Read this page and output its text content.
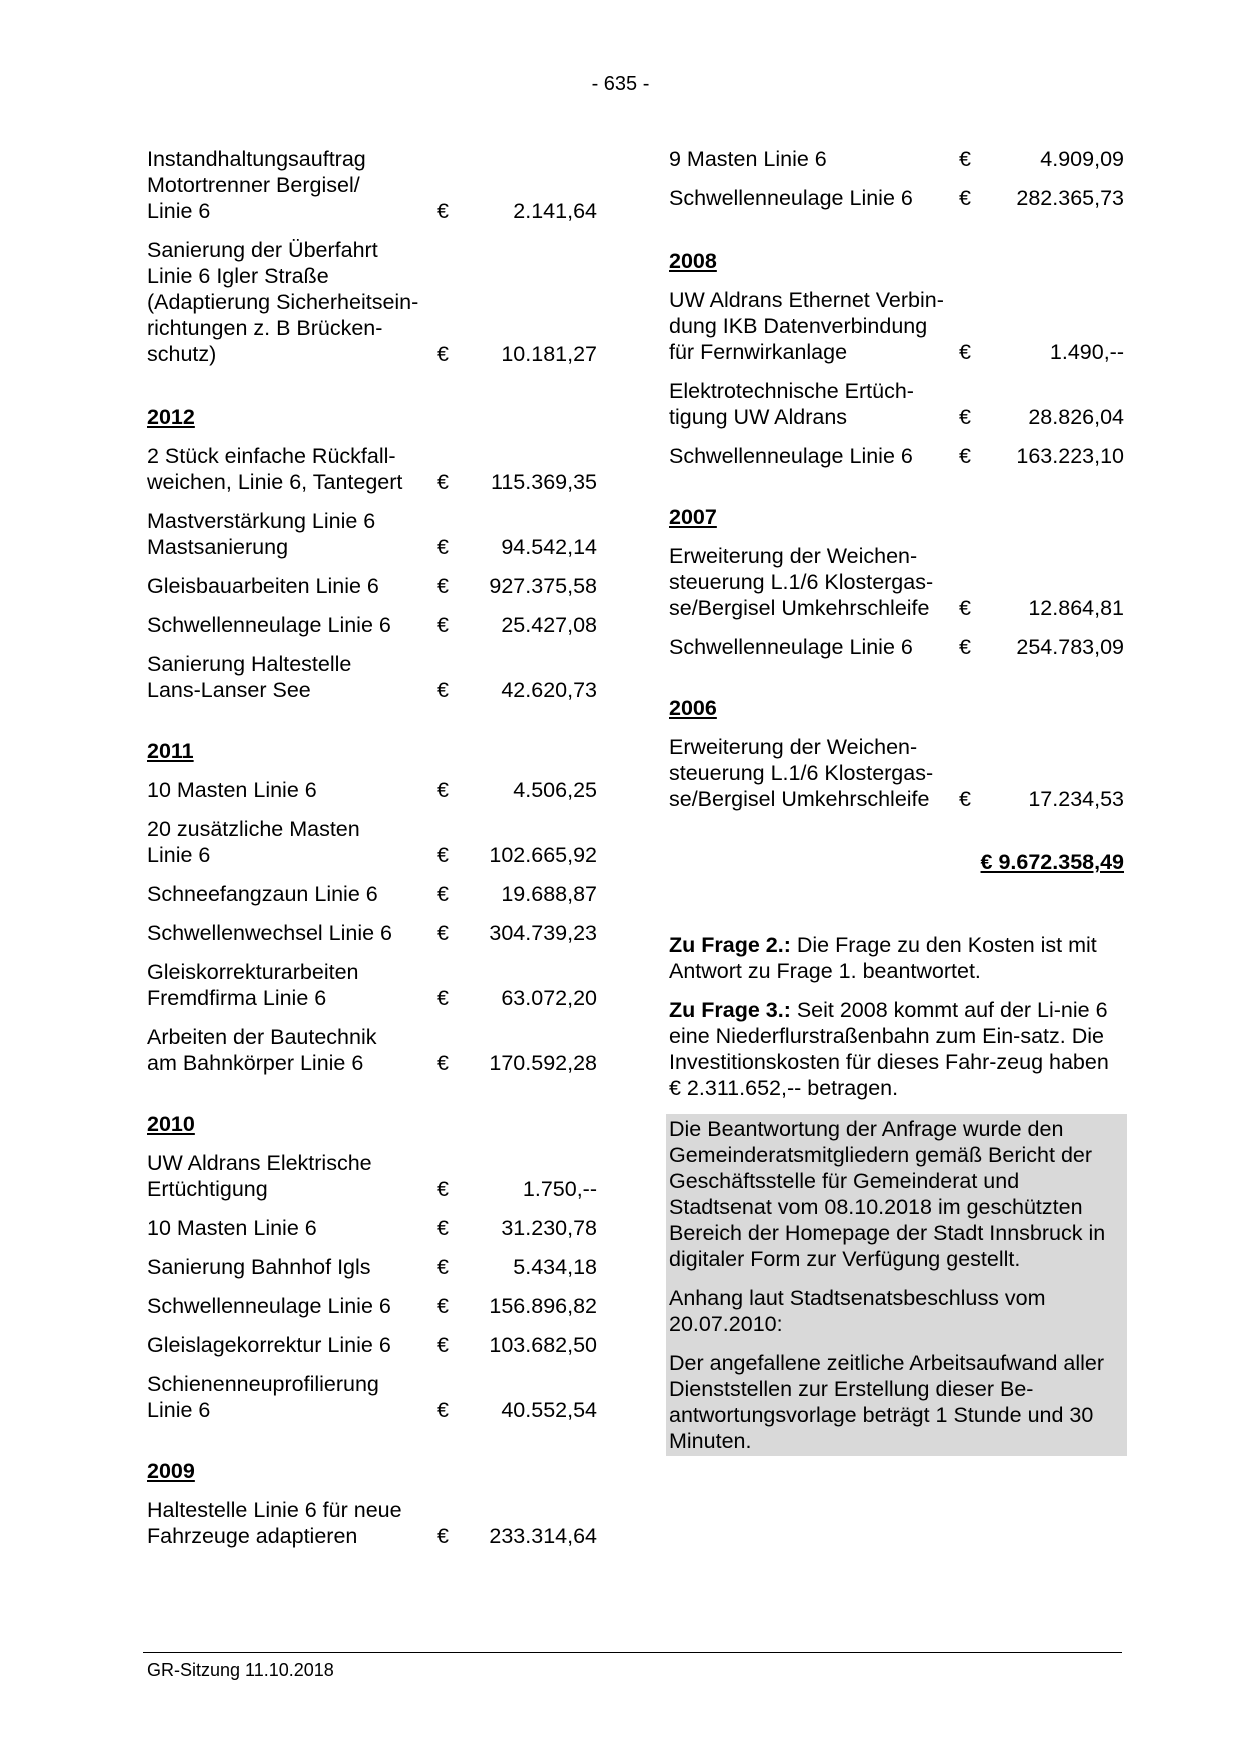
- 635 -
Instandhaltungsauftrag
Motortrenner Bergisel/
Linie 6	€	2.141,64
Sanierung der Überfahrt
Linie 6 Igler Straße
(Adaptierung Sicherheitsein-
richtungen z. B Brücken-
schutz)	€	10.181,27
2012
2 Stück einfache Rückfall-
weichen, Linie 6, Tantegert	€	115.369,35
Mastverstärkung Linie 6
Mastsanierung	€	94.542,14
Gleisbauarbeiten Linie 6	€	927.375,58
Schwellenneulage Linie 6	€	25.427,08
Sanierung Haltestelle
Lans-Lanser See	€	42.620,73
2011
10 Masten Linie 6	€	4.506,25
20 zusätzliche Masten
Linie 6	€	102.665,92
Schneefangzaun Linie 6	€	19.688,87
Schwellenwechsel Linie 6	€	304.739,23
Gleiskorrekturarbeiten
Fremdfirma Linie 6	€	63.072,20
Arbeiten der Bautechnik
am Bahnkörper Linie 6	€	170.592,28
2010
UW Aldrans Elektrische
Ertüchtigung	€	1.750,--
10 Masten Linie 6	€	31.230,78
Sanierung Bahnhof Igls	€	5.434,18
Schwellenneulage Linie 6	€	156.896,82
Gleislagekorrektur Linie 6	€	103.682,50
Schienenneuprofilierung
Linie 6	€	40.552,54
2009
Haltestelle Linie 6 für neue
Fahrzeuge adaptieren	€	233.314,64
9 Masten Linie 6	€	4.909,09
Schwellenneulage Linie 6	€	282.365,73
2008
UW Aldrans Ethernet Verbin-
dung IKB Datenverbindung
für Fernwirkanlage	€	1.490,--
Elektrotechnische Ertüch-
tigung UW Aldrans	€	28.826,04
Schwellenneulage Linie 6	€	163.223,10
2007
Erweiterung der Weichen-
steuerung L.1/6 Klostergas-
se/Bergisel Umkehrschleife	€	12.864,81
Schwellenneulage Linie 6	€	254.783,09
2006
Erweiterung der Weichen-
steuerung L.1/6 Klostergas-
se/Bergisel Umkehrschleife	€	17.234,53
€ 9.672.358,49
Zu Frage 2.: Die Frage zu den Kosten ist mit Antwort zu Frage 1. beantwortet.
Zu Frage 3.: Seit 2008 kommt auf der Li-nie 6 eine Niederflurstraßenbahn zum Ein-satz. Die Investitionskosten für dieses Fahr-zeug haben € 2.311.652,-- betragen.
Die Beantwortung der Anfrage wurde den Gemeinderatsmitgliedern gemäß Bericht der Geschäftsstelle für Gemeinderat und Stadtsenat vom 08.10.2018 im geschützten Bereich der Homepage der Stadt Innsbruck in digitaler Form zur Verfügung gestellt.
Anhang laut Stadtsenatsbeschluss vom 20.07.2010:
Der angefallene zeitliche Arbeitsaufwand aller Dienststellen zur Erstellung dieser Be-antwortungsvorlage beträgt 1 Stunde und 30 Minuten.
GR-Sitzung 11.10.2018
